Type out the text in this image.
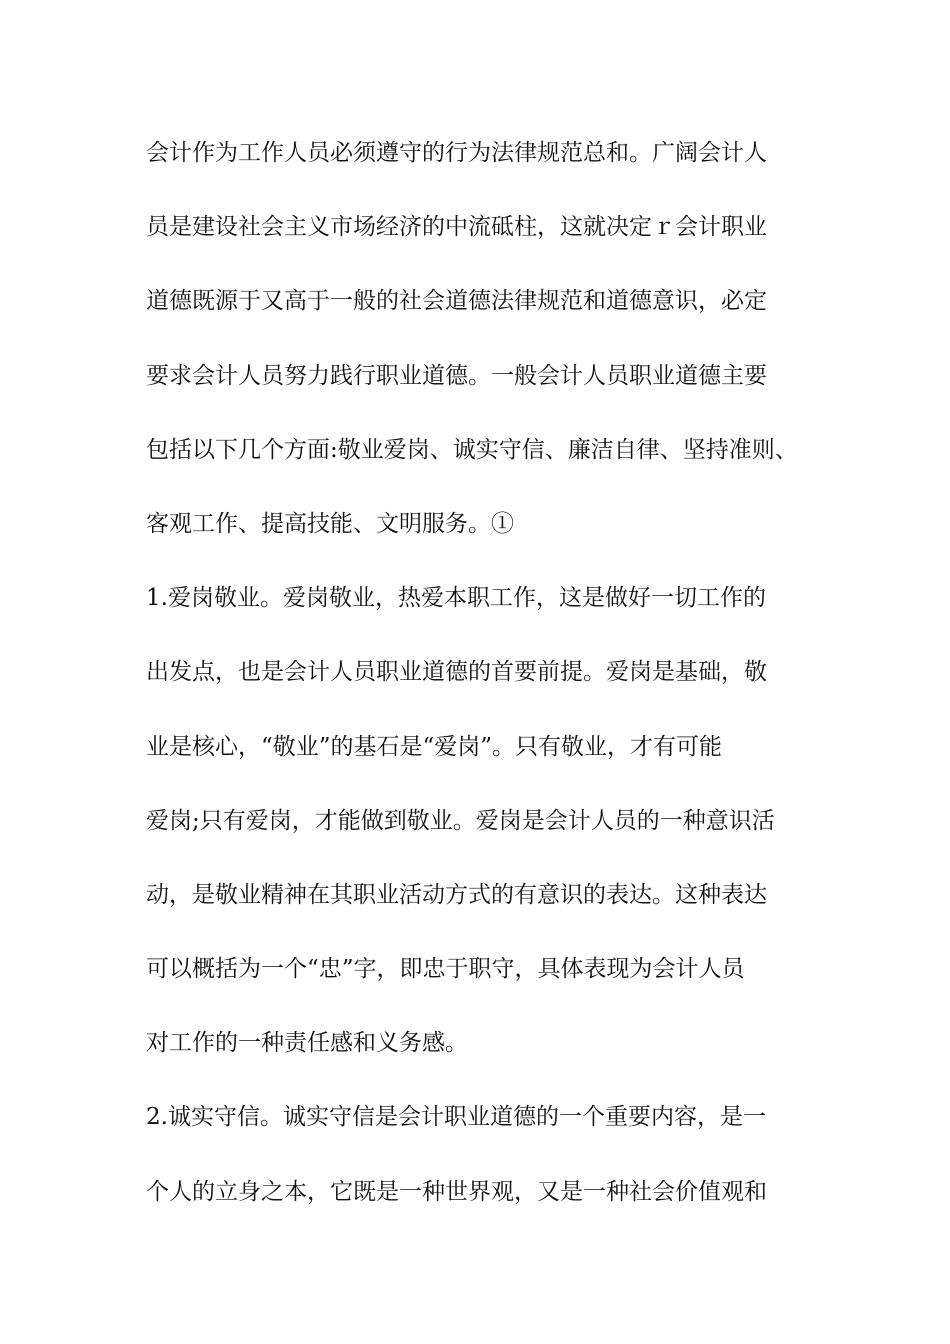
会计作为工作人员必须遵守的行为法律规范总和。广阔会计人
员是建设社会主义市场经济的中流砥柱，这就决定ｒ会计职业
道德既源于又高于一般的社会道德法律规范和道德意识，必定
要求会计人员努力践行职业道德。一般会计人员职业道德主要
包括以下几个方面:敬业爱岗、诚实守信、廉洁自律、坚持准则、
客观工作、提高技能、文明服务。①
1.爱岗敬业。爱岗敬业，热爱本职工作，这是做好一切工作的
出发点，也是会计人员职业道德的首要前提。爱岗是基础，敬
业是核心，“敬业”的基石是“爱岗”。只有敬业，才有可能
爱岗;只有爱岗，才能做到敬业。爱岗是会计人员的一种意识活
动，是敬业精神在其职业活动方式的有意识的表达。这种表达
可以概括为一个“忠”字，即忠于职守，具体表现为会计人员
对工作的一种责任感和义务感。
2.诚实守信。诚实守信是会计职业道德的一个重要内容，是一
个人的立身之本，它既是一种世界观，又是一种社会价值观和
